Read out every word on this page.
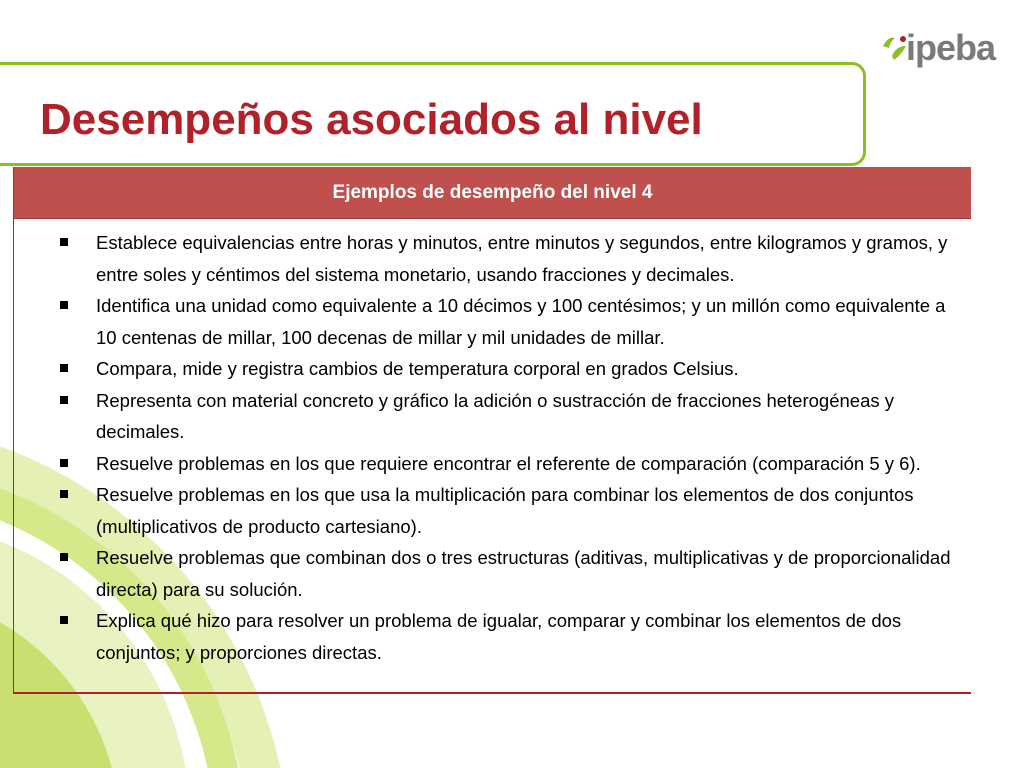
Desempeños asociados al nivel
ipeba
Ejemplos de desempeño del nivel 4
Establece equivalencias entre horas y minutos, entre minutos y segundos, entre kilogramos y gramos, y entre soles y céntimos del sistema monetario, usando fracciones y decimales.
Identifica una unidad como equivalente a 10 décimos y 100 centésimos; y un millón como equivalente a 10 centenas de millar, 100 decenas de millar y mil unidades de millar.
Compara, mide y registra cambios de temperatura corporal en grados Celsius.
Representa con material concreto y gráfico la adición o sustracción de fracciones heterogéneas y decimales.
Resuelve problemas en los que requiere encontrar el referente de comparación (comparación 5 y 6).
Resuelve problemas en los que usa la multiplicación para combinar los elementos de dos conjuntos (multiplicativos de producto cartesiano).
Resuelve problemas que combinan dos o tres estructuras (aditivas, multiplicativas y de proporcionalidad directa) para su solución.
Explica qué hizo para resolver un problema de igualar, comparar y combinar los elementos de dos conjuntos; y proporciones directas.
